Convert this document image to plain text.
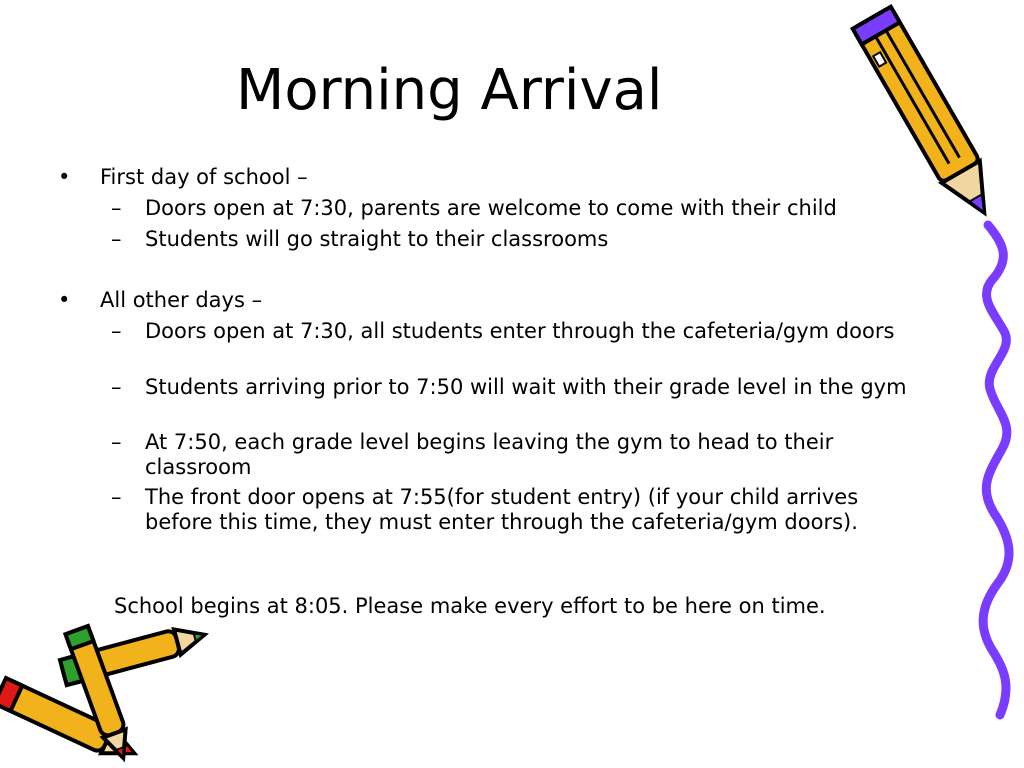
Morning Arrival
•	First day of school –
–	Doors open at 7:30, parents are welcome to come with their child
–	Students will go straight to their classrooms
•	All other days –
–	Doors open at 7:30, all students enter through the cafeteria/gym doors
–	Students arriving prior to 7:50 will wait with their grade level in the gym
–	At 7:50, each grade level begins leaving the gym to head to their classroom
–	The front door opens at 7:55(for student entry) (if your child arrives before this time, they must enter through the cafeteria/gym doors).
School begins at 8:05. Please make every effort to be here on time.
